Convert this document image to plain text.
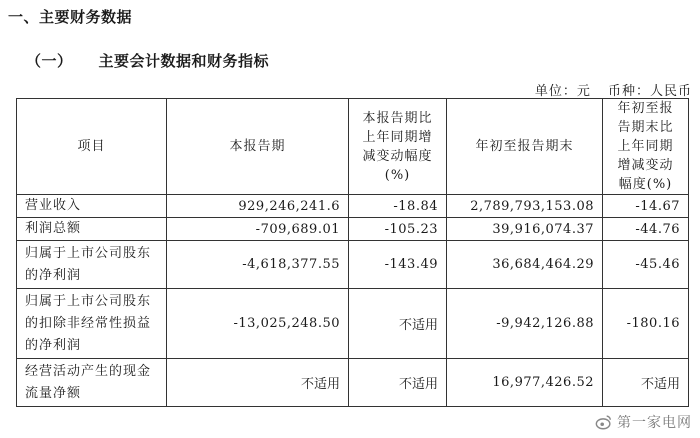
一、主要财务数据
（一） 主要会计数据和财务指标
单位：元 币种：人民币
项目	本报告期	本报告期比上年同期增减变动幅度(%)	年初至报告期末	年初至报告期末比上年同期增减变动幅度(%)
营业收入	929,246,241.6	-18.84	2,789,793,153.08	-14.67
利润总额	-709,689.01	-105.23	39,916,074.37	-44.76
归属于上市公司股东的净利润	-4,618,377.55	-143.49	36,684,464.29	-45.46
归属于上市公司股东的扣除非经常性损益的净利润	-13,025,248.50	不适用	-9,942,126.88	-180.16
经营活动产生的现金流量净额	不适用	不适用	16,977,426.52	不适用
第一家电网
